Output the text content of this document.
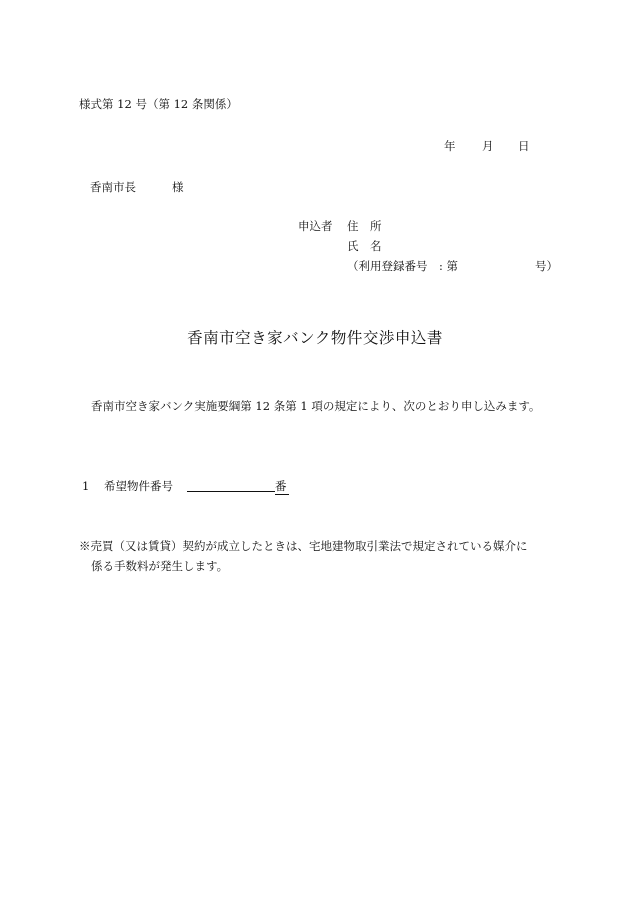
様式第 12 号（第 12 条関係）
年 月 日
香南市長	様
申込者 住　所
氏　名
（利用登録番号　: 第	号）
香南市空き家バンク物件交渉申込書
香南市空き家バンク実施要綱第 12 条第 1 項の規定により、次のとおり申し込みます。
1 希望物件番号	番
※売買（又は賃貸）契約が成立したときは、宅地建物取引業法で規定されている媒介に
係る手数料が発生します。
